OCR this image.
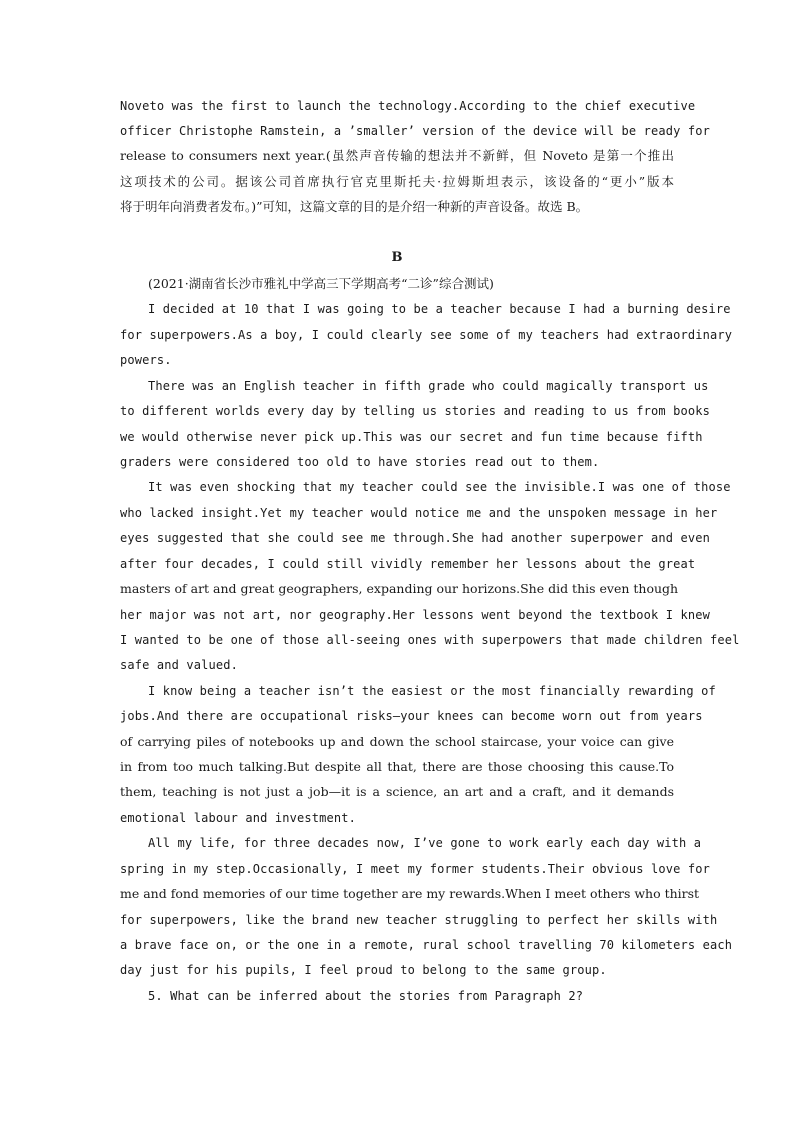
Noveto was the first to launch the technology.According to the chief executive
officer Christophe Ramstein, a ’smaller’ version of the device will be ready for
release to consumers next year.(虽然声音传输的想法并不新鲜，但 Noveto 是第一个推出
这项技术的公司。据该公司首席执行官克里斯托夫·拉姆斯坦表示，该设备的“更小”版本
将于明年向消费者发布。)”可知，这篇文章的目的是介绍一种新的声音设备。故选 B。
B
(2021·湖南省长沙市雅礼中学高三下学期高考“二诊”综合测试)
I decided at 10 that I was going to be a teacher because I had a burning desire
for superpowers.As a boy, I could clearly see some of my teachers had extraordinary
powers.
There was an English teacher in fifth grade who could magically transport us
to different worlds every day by telling us stories and reading to us from books
we would otherwise never pick up.This was our secret and fun time because fifth
graders were considered too old to have stories read out to them.
It was even shocking that my teacher could see the invisible.I was one of those
who lacked insight.Yet my teacher would notice me and the unspoken message in her
eyes suggested that she could see me through.She had another superpower and even
after four decades, I could still vividly remember her lessons about the great
masters of art and great geographers, expanding our horizons.She did this even though
her major was not art, nor geography.Her lessons went beyond the textbook I knew
I wanted to be one of those all-seeing ones with superpowers that made children feel
safe and valued.
I know being a teacher isn’t the easiest or the most financially rewarding of
jobs.And there are occupational risks—your knees can become worn out from years
of carrying piles of notebooks up and down the school staircase, your voice can give
in from too much talking.But despite all that, there are those choosing this cause.To
them, teaching is not just a job—it is a science, an art and a craft, and it demands
emotional labour and investment.
All my life, for three decades now, I’ve gone to work early each day with a
spring in my step.Occasionally, I meet my former students.Their obvious love for
me and fond memories of our time together are my rewards.When I meet others who thirst
for superpowers, like the brand new teacher struggling to perfect her skills with
a brave face on, or the one in a remote, rural school travelling 70 kilometers each
day just for his pupils, I feel proud to belong to the same group.
5. What can be inferred about the stories from Paragraph 2?
